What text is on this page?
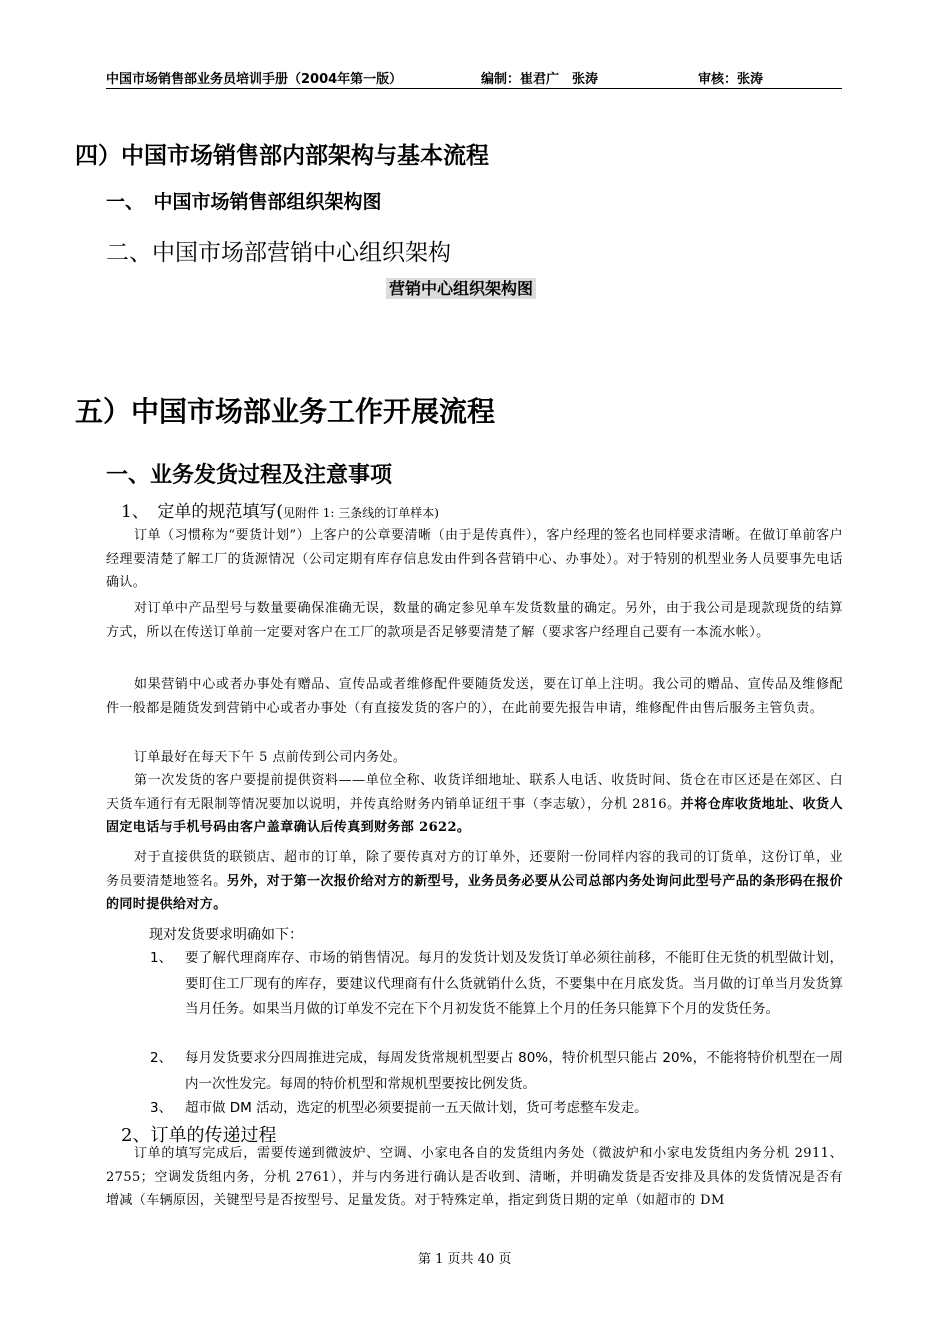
中国市场销售部业务员培训手册（2004年第一版）	编制：崔君广　张涛	审核：张涛
四）中国市场销售部内部架构与基本流程
一、　中国市场销售部组织架构图
二、中国市场部营销中心组织架构
营销中心组织架构图
五）中国市场部业务工作开展流程
一、业务发货过程及注意事项
1、　定单的规范填写(见附件 1: 三条线的订单样本)
订单（习惯称为“要货计划”）上客户的公章要清晰（由于是传真件），客户经理的签名也同样要求清晰。在做订单前客户经理要清楚了解工厂的货源情况（公司定期有库存信息发由件到各营销中心、办事处）。对于特别的机型业务人员要事先电话确认。
对订单中产品型号与数量要确保准确无误，数量的确定参见单车发货数量的确定。另外，由于我公司是现款现货的结算方式，所以在传送订单前一定要对客户在工厂的款项是否足够要清楚了解（要求客户经理自己要有一本流水帐）。
如果营销中心或者办事处有赠品、宣传品或者维修配件要随货发送，要在订单上注明。我公司的赠品、宣传品及维修配件一般都是随货发到营销中心或者办事处（有直接发货的客户的），在此前要先报告申请，维修配件由售后服务主管负责。
订单最好在每天下午 5 点前传到公司内务处。
第一次发货的客户要提前提供资料——单位全称、收货详细地址、联系人电话、收货时间、货仓在市区还是在郊区、白天货车通行有无限制等情况要加以说明，并传真给财务内销单证纽干事（李志敏），分机 2816。并将仓库收货地址、收货人固定电话与手机号码由客户盖章确认后传真到财务部 2622。
对于直接供货的联锁店、超市的订单，除了要传真对方的订单外，还要附一份同样内容的我司的订货单，这份订单，业务员要清楚地签名。另外，对于第一次报价给对方的新型号，业务员务必要从公司总部内务处询问此型号产品的条形码在报价的同时提供给对方。
现对发货要求明确如下：
1、 要了解代理商库存、市场的销售情况。每月的发货计划及发货订单必须往前移，不能盯住无货的机型做计划，要盯住工厂现有的库存，要建议代理商有什么货就销什么货，不要集中在月底发货。当月做的订单当月发货算当月任务。如果当月做的订单发不完在下个月初发货不能算上个月的任务只能算下个月的发货任务。
2、 每月发货要求分四周推进完成，每周发货常规机型要占 80%，特价机型只能占 20%，不能将特价机型在一周内一次性发完。每周的特价机型和常规机型要按比例发货。
3、 超市做 DM 活动，选定的机型必须要提前一五天做计划，货可考虑整车发走。
2、订单的传递过程
订单的填写完成后，需要传递到微波炉、空调、小家电各自的发货组内务处（微波炉和小家电发货组内务分机 2911、2755；空调发货组内务，分机 2761），并与内务进行确认是否收到、清晰，并明确发货是否安排及具体的发货情况是否有增减（车辆原因，关键型号是否按型号、足量发货。对于特殊定单，指定到货日期的定单（如超市的 DM
第 1 页共 40 页
